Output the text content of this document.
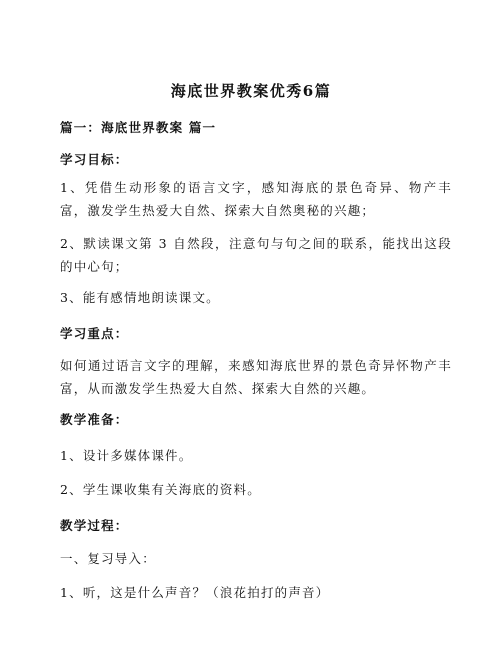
海底世界教案优秀6篇
篇一：海底世界教案 篇一
学习目标：
1、凭借生动形象的语言文字，感知海底的景色奇异、物产丰富，激发学生热爱大自然、探索大自然奥秘的兴趣；
2、默读课文第 3 自然段，注意句与句之间的联系，能找出这段的中心句；
3、能有感情地朗读课文。
学习重点：
如何通过语言文字的理解，来感知海底世界的景色奇异怀物产丰富，从而激发学生热爱大自然、探索大自然的兴趣。
教学准备：
1、设计多媒体课件。
2、学生课收集有关海底的资料。
教学过程：
一、复习导入：
1、听，这是什么声音？（浪花拍打的声音）
